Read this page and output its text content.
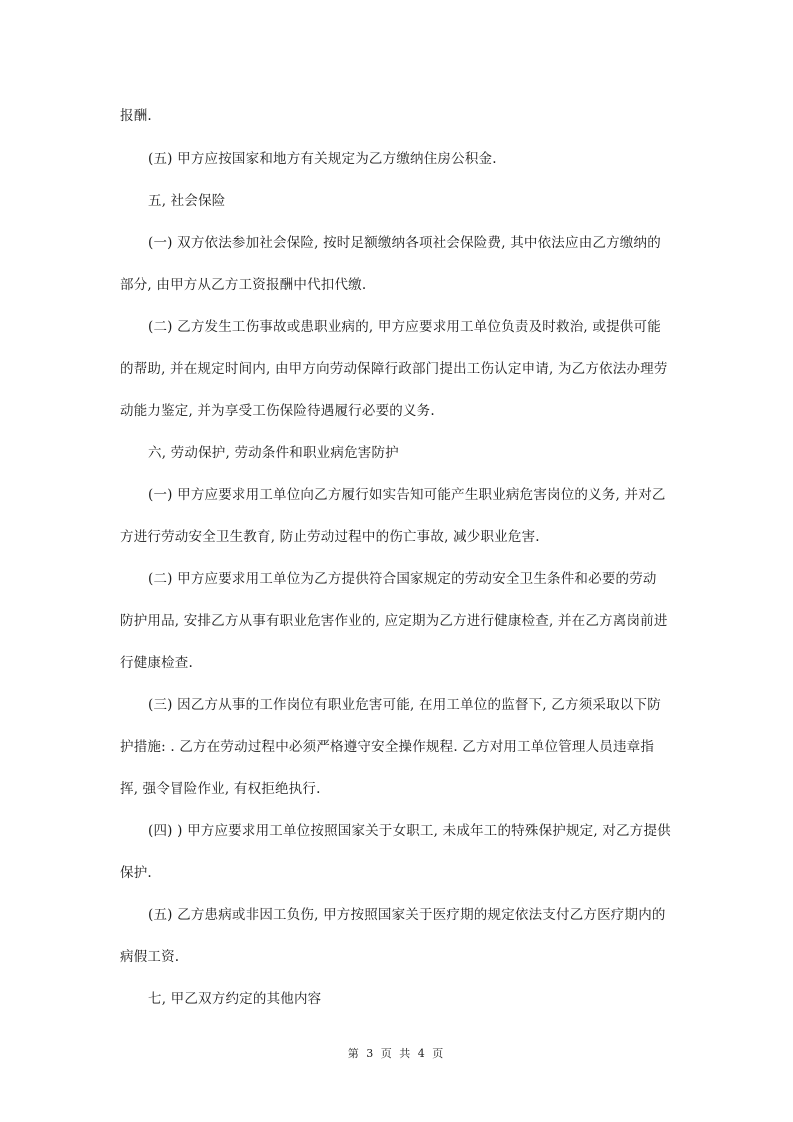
报酬.
(五) 甲方应按国家和地方有关规定为乙方缴纳住房公积金.
五, 社会保险
(一) 双方依法参加社会保险, 按时足额缴纳各项社会保险费, 其中依法应由乙方缴纳的
部分, 由甲方从乙方工资报酬中代扣代缴.
(二) 乙方发生工伤事故或患职业病的, 甲方应要求用工单位负责及时救治, 或提供可能
的帮助, 并在规定时间内, 由甲方向劳动保障行政部门提出工伤认定申请, 为乙方依法办理劳
动能力鉴定, 并为享受工伤保险待遇履行必要的义务.
六, 劳动保护, 劳动条件和职业病危害防护
(一) 甲方应要求用工单位向乙方履行如实告知可能产生职业病危害岗位的义务, 并对乙
方进行劳动安全卫生教育, 防止劳动过程中的伤亡事故, 减少职业危害.
(二) 甲方应要求用工单位为乙方提供符合国家规定的劳动安全卫生条件和必要的劳动
防护用品, 安排乙方从事有职业危害作业的, 应定期为乙方进行健康检查, 并在乙方离岗前进
行健康检查.
(三) 因乙方从事的工作岗位有职业危害可能, 在用工单位的监督下, 乙方须采取以下防
护措施: . 乙方在劳动过程中必须严格遵守安全操作规程. 乙方对用工单位管理人员违章指
挥, 强令冒险作业, 有权拒绝执行.
(四) ) 甲方应要求用工单位按照国家关于女职工, 未成年工的特殊保护规定, 对乙方提供
保护.
(五) 乙方患病或非因工负伤, 甲方按照国家关于医疗期的规定依法支付乙方医疗期内的
病假工资.
七, 甲乙双方约定的其他内容
第 3 页 共 4 页
